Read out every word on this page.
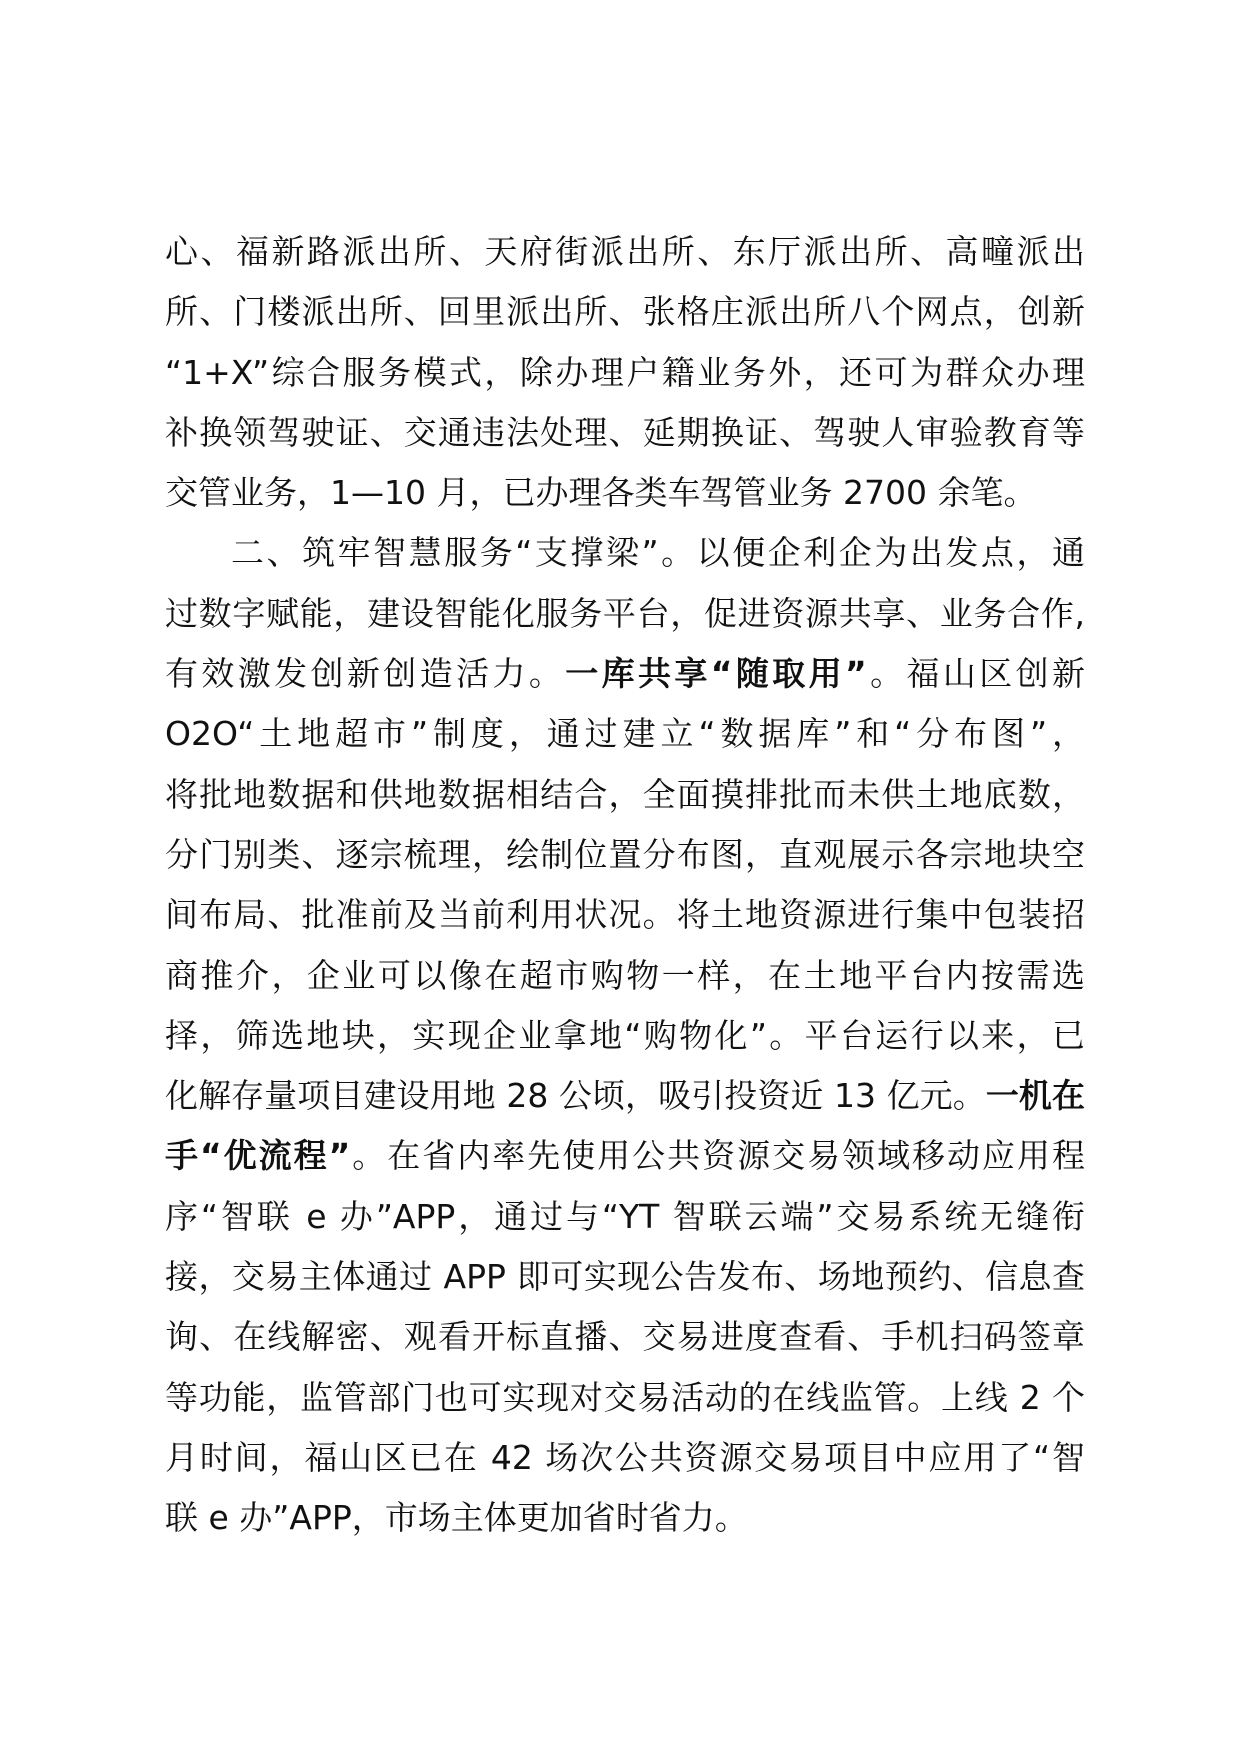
心、福新路派出所、天府街派出所、东厅派出所、高疃派出
所、门楼派出所、回里派出所、张格庄派出所八个网点，创新
“1+X”综合服务模式，除办理户籍业务外，还可为群众办理
补换领驾驶证、交通违法处理、延期换证、驾驶人审验教育等
交管业务，1—10 月，已办理各类车驾管业务 2700 余笔。
二、筑牢智慧服务“支撑梁”。以便企利企为出发点，通
过数字赋能，建设智能化服务平台，促进资源共享、业务合作,
有效激发创新创造活力。一库共享“随取用”。福山区创新
O2O“土地超市”制度，通过建立“数据库”和“分布图”，
将批地数据和供地数据相结合，全面摸排批而未供土地底数，
分门别类、逐宗梳理，绘制位置分布图，直观展示各宗地块空
间布局、批准前及当前利用状况。将土地资源进行集中包装招
商推介，企业可以像在超市购物一样，在土地平台内按需选
择，筛选地块，实现企业拿地“购物化”。平台运行以来，已
化解存量项目建设用地 28 公顷，吸引投资近 13 亿元。一机在
手“优流程”。在省内率先使用公共资源交易领域移动应用程
序“智联 e 办”APP，通过与“YT 智联云端”交易系统无缝衔
接，交易主体通过 APP 即可实现公告发布、场地预约、信息查
询、在线解密、观看开标直播、交易进度查看、手机扫码签章
等功能，监管部门也可实现对交易活动的在线监管。上线 2 个
月时间，福山区已在 42 场次公共资源交易项目中应用了“智
联 e 办”APP，市场主体更加省时省力。
